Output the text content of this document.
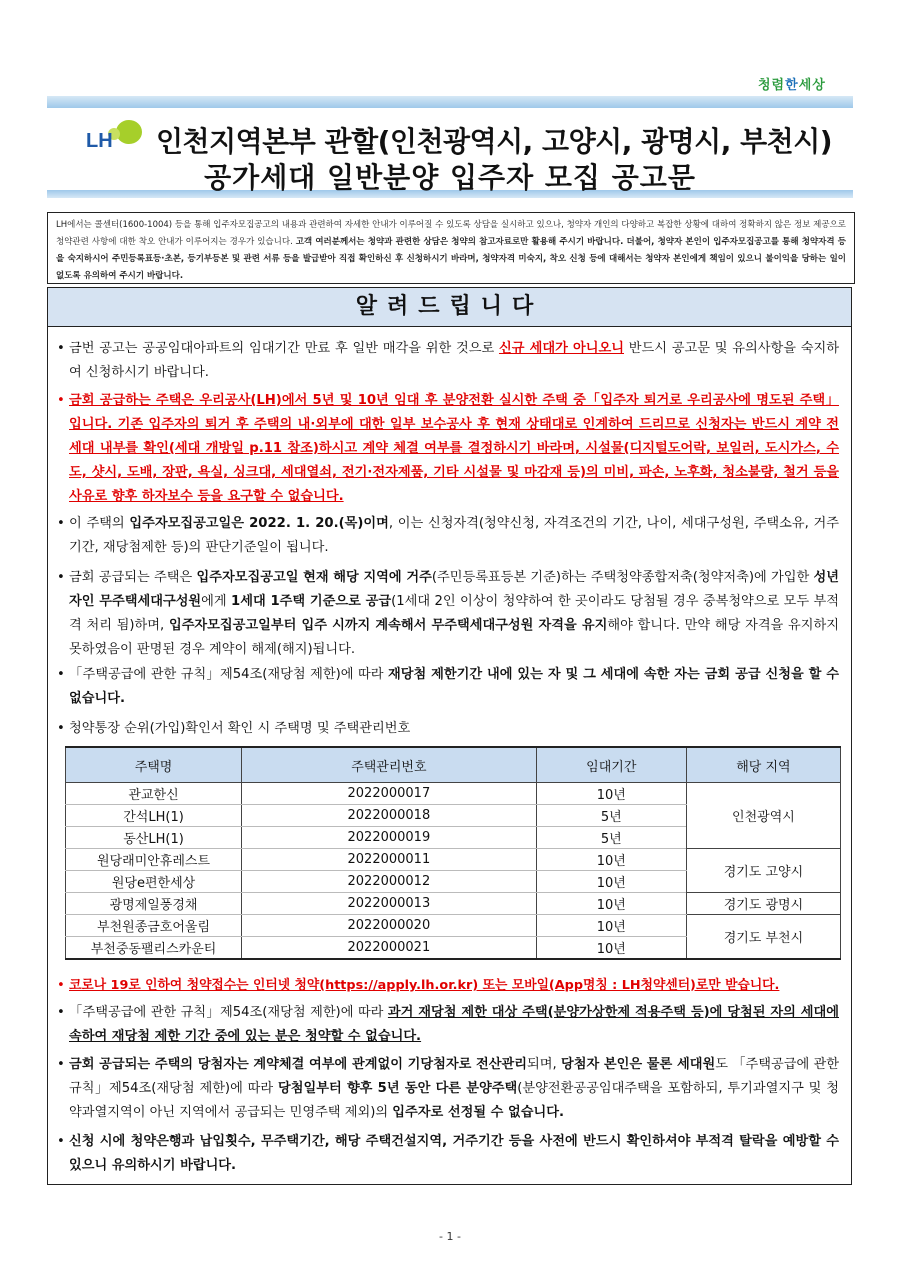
청렴한세상
LH 인천지역본부 관할(인천광역시, 고양시, 광명시, 부천시)
공가세대 일반분양 입주자 모집 공고문
LH에서는 콜센터(1600-1004) 등을 통해 입주자모집공고의 내용과 관련하여 자세한 안내가 이루어질 수 있도록 상담을 실시하고 있으나, 청약자 개인의 다양하고 복잡한 상황에 대하여 정확하지 않은 정보 제공으로 청약관련 사항에 대한 착오 안내가 이루어지는 경우가 있습니다. 고객 여러분께서는 청약과 관련한 상담은 청약의 참고자료로만 활용해 주시기 바랍니다. 더불어, 청약자 본인이 입주자모집공고를 통해 청약자격 등을 숙지하시어 주민등록표등·초본, 등기부등본 및 관련 서류 등을 발급받아 직접 확인하신 후 신청하시기 바라며, 청약자격 미숙지, 착오 신청 등에 대해서는 청약자 본인에게 책임이 있으니 불이익을 당하는 일이 없도록 유의하여 주시기 바랍니다.
알려드립니다
• 금번 공고는 공공임대아파트의 임대기간 만료 후 일반 매각을 위한 것으로 신규 세대가 아니오니 반드시 공고문 및 유의사항을 숙지하여 신청하시기 바랍니다.
• 금회 공급하는 주택은 우리공사(LH)에서 5년 및 10년 임대 후 분양전환 실시한 주택 중「입주자 퇴거로 우리공사에 명도된 주택」입니다. 기존 입주자의 퇴거 후 주택의 내·외부에 대한 일부 보수공사 후 현재 상태대로 인계하여 드리므로 신청자는 반드시 계약 전 세대 내부를 확인(세대 개방일 p.11 참조)하시고 계약 체결 여부를 결정하시기 바라며, 시설물(디지털도어락, 보일러, 도시가스, 수도, 샷시, 도배, 장판, 욕실, 싱크대, 세대열쇠, 전기·전자제품, 기타 시설물 및 마감재 등)의 미비, 파손, 노후화, 청소불량, 철거 등을 사유로 향후 하자보수 등을 요구할 수 없습니다.
• 이 주택의 입주자모집공고일은 2022. 1. 20.(목)이며, 이는 신청자격(청약신청, 자격조건의 기간, 나이, 세대구성원, 주택소유, 거주기간, 재당첨제한 등)의 판단기준일이 됩니다.
• 금회 공급되는 주택은 입주자모집공고일 현재 해당 지역에 거주(주민등록표등본 기준)하는 주택청약종합저축(청약저축)에 가입한 성년자인 무주택세대구성원에게 1세대 1주택 기준으로 공급(1세대 2인 이상이 청약하여 한 곳이라도 당첨될 경우 중복청약으로 모두 부적격 처리 됨)하며, 입주자모집공고일부터 입주 시까지 계속해서 무주택세대구성원 자격을 유지해야 합니다. 만약 해당 자격을 유지하지 못하였음이 판명된 경우 계약이 해제(해지)됩니다.
• 「주택공급에 관한 규칙」제54조(재당첨 제한)에 따라 재당첨 제한기간 내에 있는 자 및 그 세대에 속한 자는 금회 공급 신청을 할 수 없습니다.
• 청약통장 순위(가입)확인서 확인 시 주택명 및 주택관리번호
주택명	주택관리번호	임대기간	해당 지역
관교한신	2022000017	10년	인천광역시
간석LH(1)	2022000018	5년	
동산LH(1)	2022000019	5년	
원당래미안휴레스트	2022000011	10년	경기도 고양시
원당e편한세상	2022000012	10년	
광명제일풍경채	2022000013	10년	경기도 광명시
부천원종금호어울림	2022000020	10년	경기도 부천시
부천중동팰리스카운티	2022000021	10년	
• 코로나 19로 인하여 청약접수는 인터넷 청약(https://apply.lh.or.kr) 또는 모바일(App명칭 : LH청약센터)로만 받습니다.
• 「주택공급에 관한 규칙」제54조(재당첨 제한)에 따라 과거 재당첨 제한 대상 주택(분양가상한제 적용주택 등)에 당첨된 자의 세대에 속하여 재당첨 제한 기간 중에 있는 분은 청약할 수 없습니다.
• 금회 공급되는 주택의 당첨자는 계약체결 여부에 관계없이 기당첨자로 전산관리되며, 당첨자 본인은 물론 세대원도 「주택공급에 관한 규칙」제54조(재당첨 제한)에 따라 당첨일부터 향후 5년 동안 다른 분양주택(분양전환공공임대주택을 포함하되, 투기과열지구 및 청약과열지역이 아닌 지역에서 공급되는 민영주택 제외)의 입주자로 선정될 수 없습니다.
• 신청 시에 청약은행과 납입횟수, 무주택기간, 해당 주택건설지역, 거주기간 등을 사전에 반드시 확인하셔야 부적격 탈락을 예방할 수 있으니 유의하시기 바랍니다.
- 1 -
